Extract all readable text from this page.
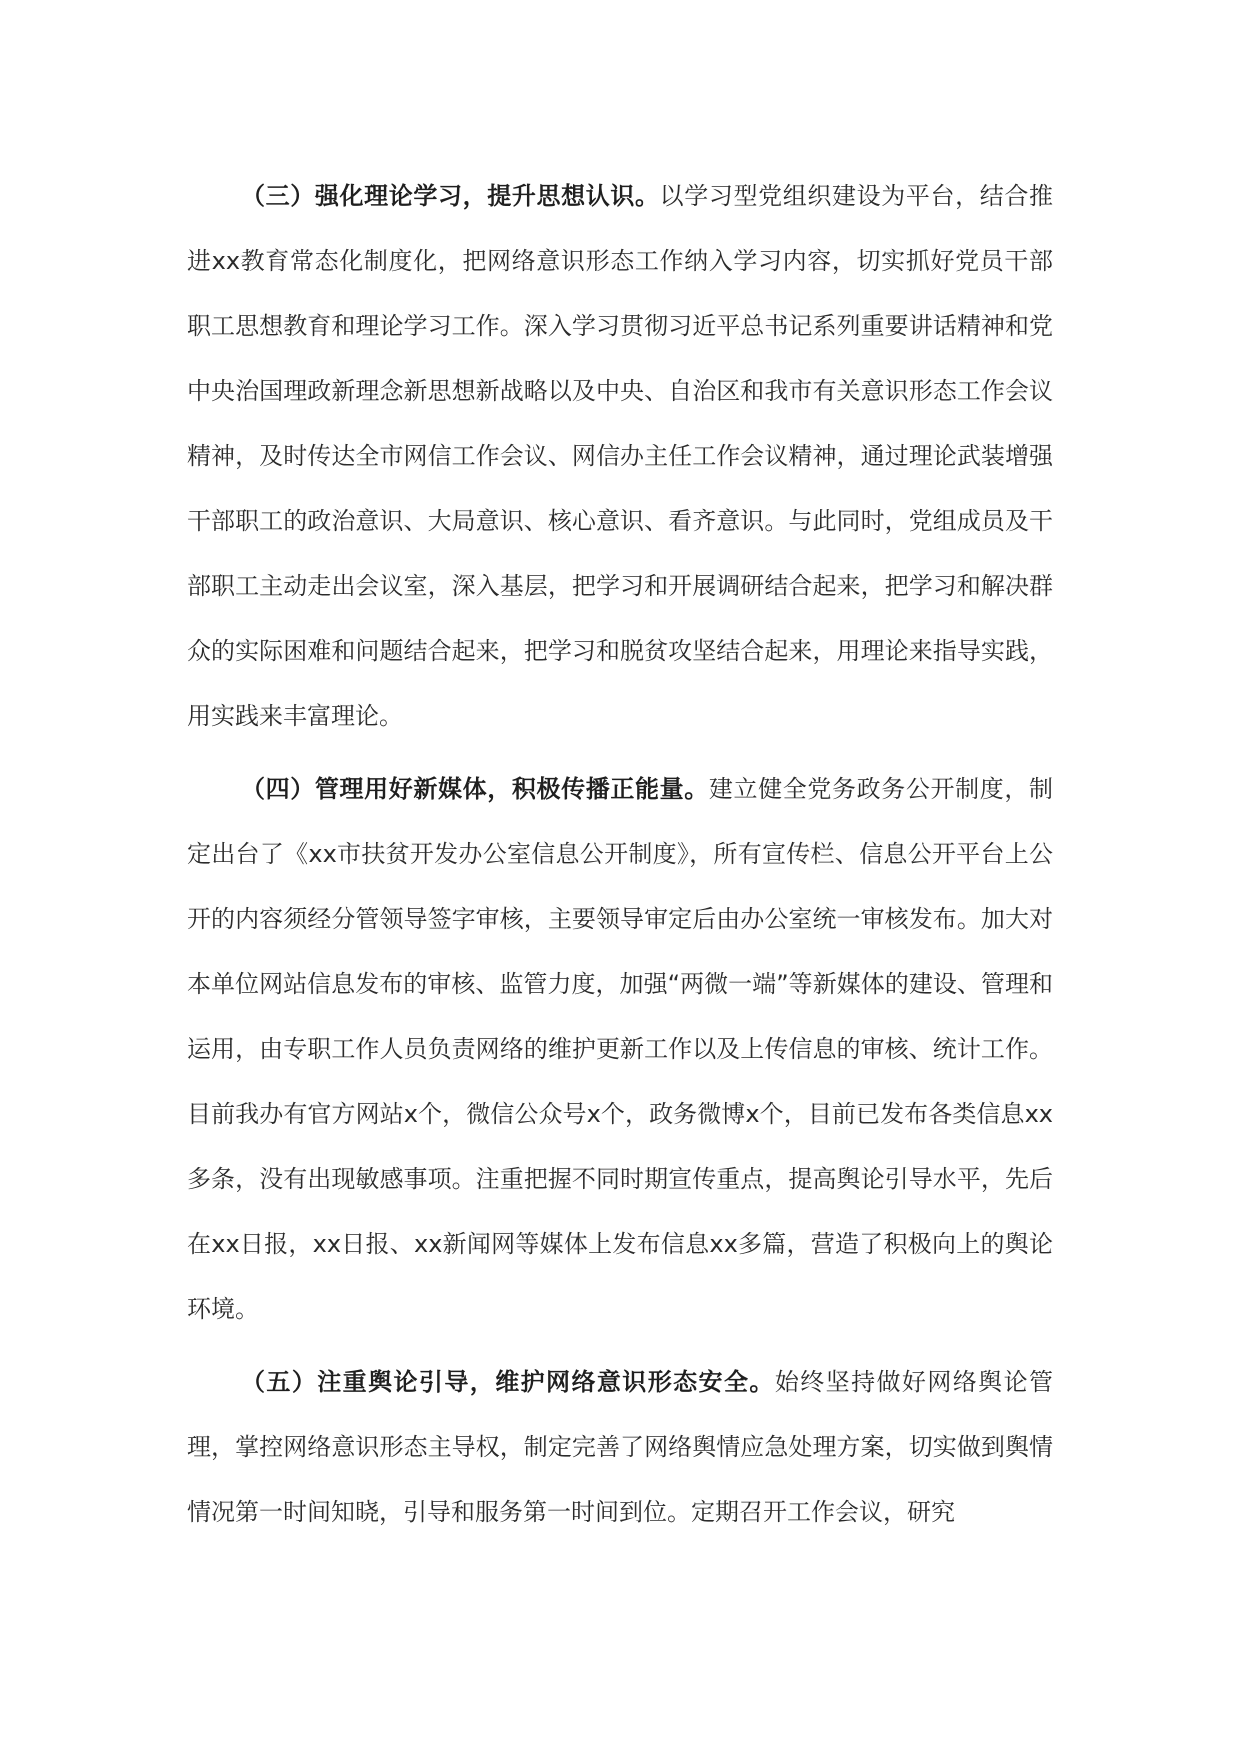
（三）强化理论学习，提升思想认识。以学习型党组织建设为平台，结合推进xx教育常态化制度化，把网络意识形态工作纳入学习内容，切实抓好党员干部职工思想教育和理论学习工作。深入学习贯彻习近平总书记系列重要讲话精神和党中央治国理政新理念新思想新战略以及中央、自治区和我市有关意识形态工作会议精神，及时传达全市网信工作会议、网信办主任工作会议精神，通过理论武装增强干部职工的政治意识、大局意识、核心意识、看齐意识。与此同时，党组成员及干部职工主动走出会议室，深入基层，把学习和开展调研结合起来，把学习和解决群众的实际困难和问题结合起来，把学习和脱贫攻坚结合起来，用理论来指导实践，用实践来丰富理论。

（四）管理用好新媒体，积极传播正能量。建立健全党务政务公开制度，制定出台了《xx市扶贫开发办公室信息公开制度》，所有宣传栏、信息公开平台上公开的内容须经分管领导签字审核，主要领导审定后由办公室统一审核发布。加大对本单位网站信息发布的审核、监管力度，加强“两微一端”等新媒体的建设、管理和运用，由专职工作人员负责网络的维护更新工作以及上传信息的审核、统计工作。目前我办有官方网站x个，微信公众号x个，政务微博x个，目前已发布各类信息xx多条，没有出现敏感事项。注重把握不同时期宣传重点，提高舆论引导水平，先后在xx日报，xx日报、xx新闻网等媒体上发布信息xx多篇，营造了积极向上的舆论环境。

（五）注重舆论引导，维护网络意识形态安全。始终坚持做好网络舆论管理，掌控网络意识形态主导权，制定完善了网络舆情应急处理方案，切实做到舆情情况第一时间知晓，引导和服务第一时间到位。定期召开工作会议，研究
